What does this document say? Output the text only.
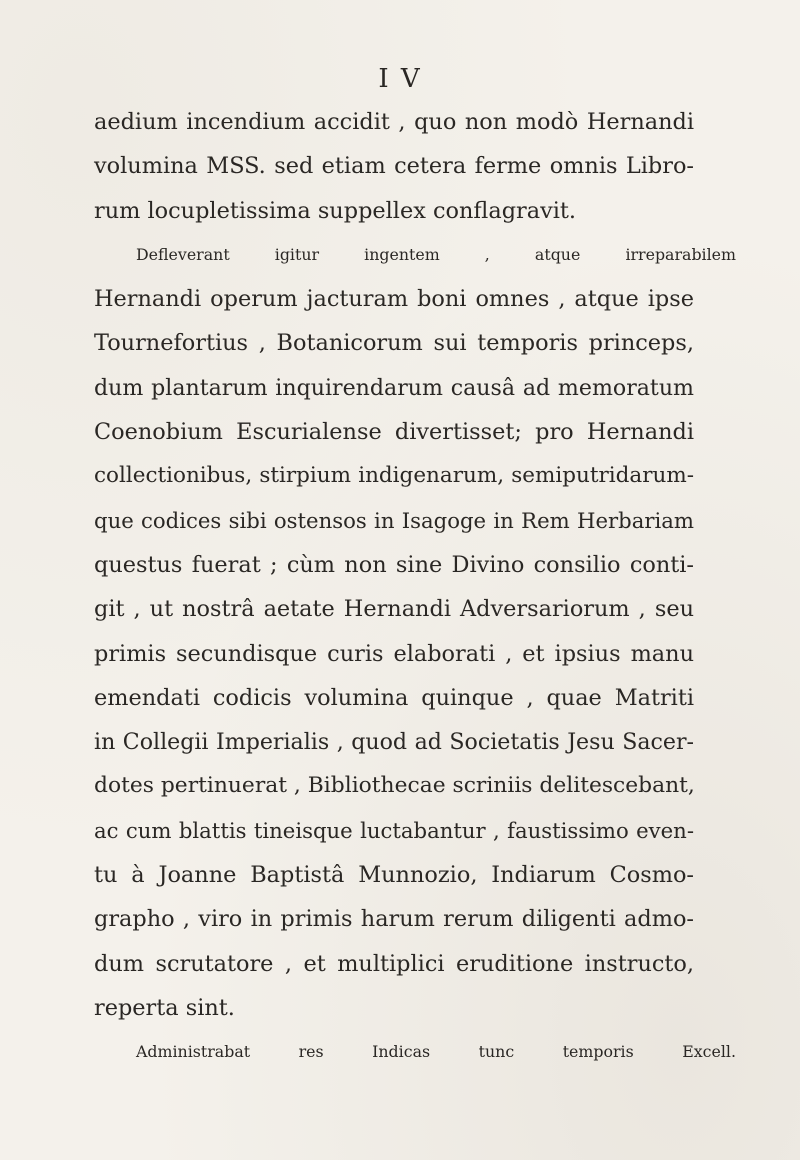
I V
aedium incendium accidit , quo non modò Hernandi
volumina MSS. sed etiam cetera ferme omnis Libro-
rum locupletissima suppellex conflagravit.
Defleverant igitur ingentem , atque irreparabilem
Hernandi operum jacturam boni omnes , atque ipse
Tournefortius , Botanicorum sui temporis princeps,
dum plantarum inquirendarum causâ ad memoratum
Coenobium Escurialense divertisset; pro Hernandi
collectionibus, stirpium indigenarum, semiputridarum-
que codices sibi ostensos in Isagoge in Rem Herbariam
questus fuerat ; cùm non sine Divino consilio conti-
git , ut nostrâ aetate Hernandi Adversariorum , seu
primis secundisque curis elaborati , et ipsius manu
emendati codicis volumina quinque , quae Matriti
in Collegii Imperialis , quod ad Societatis Jesu Sacer-
dotes pertinuerat , Bibliothecae scriniis delitescebant,
ac cum blattis tineisque luctabantur , faustissimo even-
tu à Joanne Baptistâ Munnozio, Indiarum Cosmo-
grapho , viro in primis harum rerum diligenti admo-
dum scrutatore , et multiplici eruditione instructo,
reperta sint.
Administrabat res Indicas tunc temporis Excell.
